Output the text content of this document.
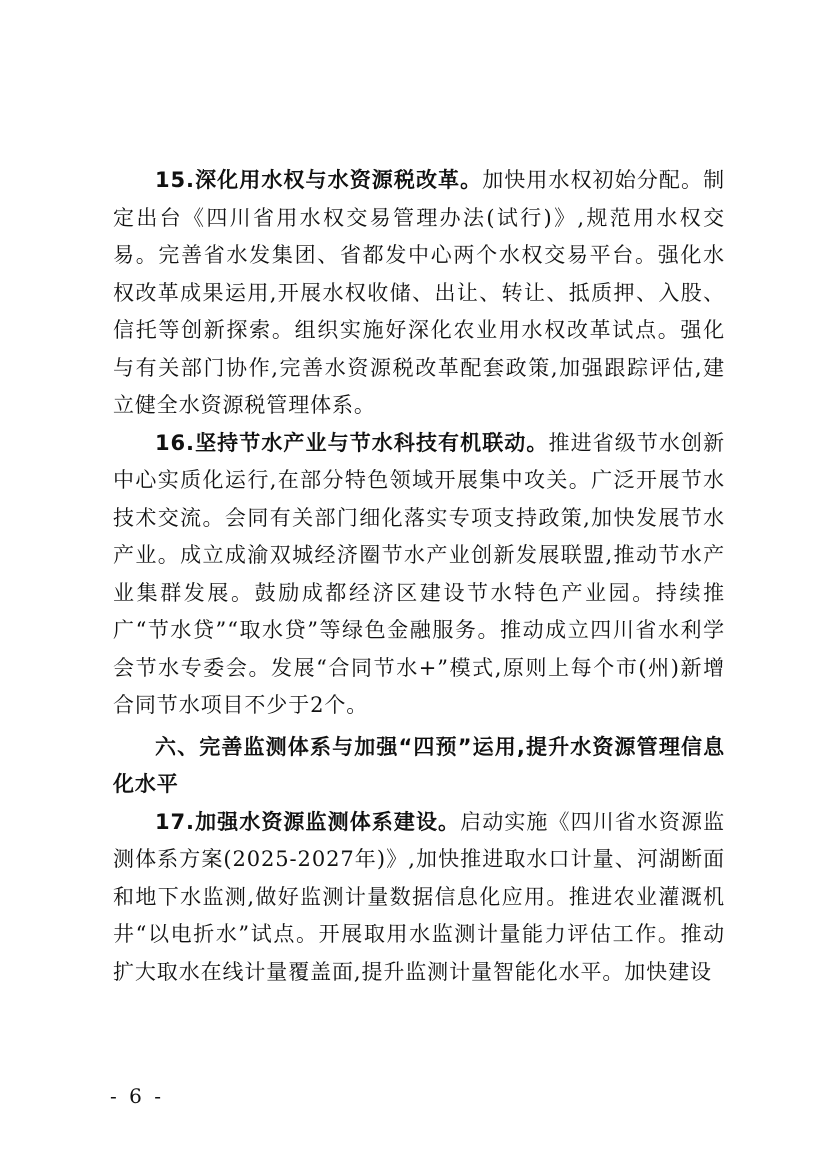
15.深化用水权与水资源税改革。加快用水权初始分配。制定出台《四川省用水权交易管理办法(试行)》,规范用水权交易。完善省水发集团、省都发中心两个水权交易平台。强化水权改革成果运用,开展水权收储、出让、转让、抵质押、入股、信托等创新探索。组织实施好深化农业用水权改革试点。强化与有关部门协作,完善水资源税改革配套政策,加强跟踪评估,建立健全水资源税管理体系。

16.坚持节水产业与节水科技有机联动。推进省级节水创新中心实质化运行,在部分特色领域开展集中攻关。广泛开展节水技术交流。会同有关部门细化落实专项支持政策,加快发展节水产业。成立成渝双城经济圈节水产业创新发展联盟,推动节水产业集群发展。鼓励成都经济区建设节水特色产业园。持续推广“节水贷”“取水贷”等绿色金融服务。推动成立四川省水利学会节水专委会。发展“合同节水+”模式,原则上每个市(州)新增合同节水项目不少于2个。

六、完善监测体系与加强“四预”运用,提升水资源管理信息化水平

17.加强水资源监测体系建设。启动实施《四川省水资源监测体系方案(2025-2027年)》,加快推进取水口计量、河湖断面和地下水监测,做好监测计量数据信息化应用。推进农业灌溉机井“以电折水”试点。开展取用水监测计量能力评估工作。推动扩大取水在线计量覆盖面,提升监测计量智能化水平。加快建设

- 6 -
